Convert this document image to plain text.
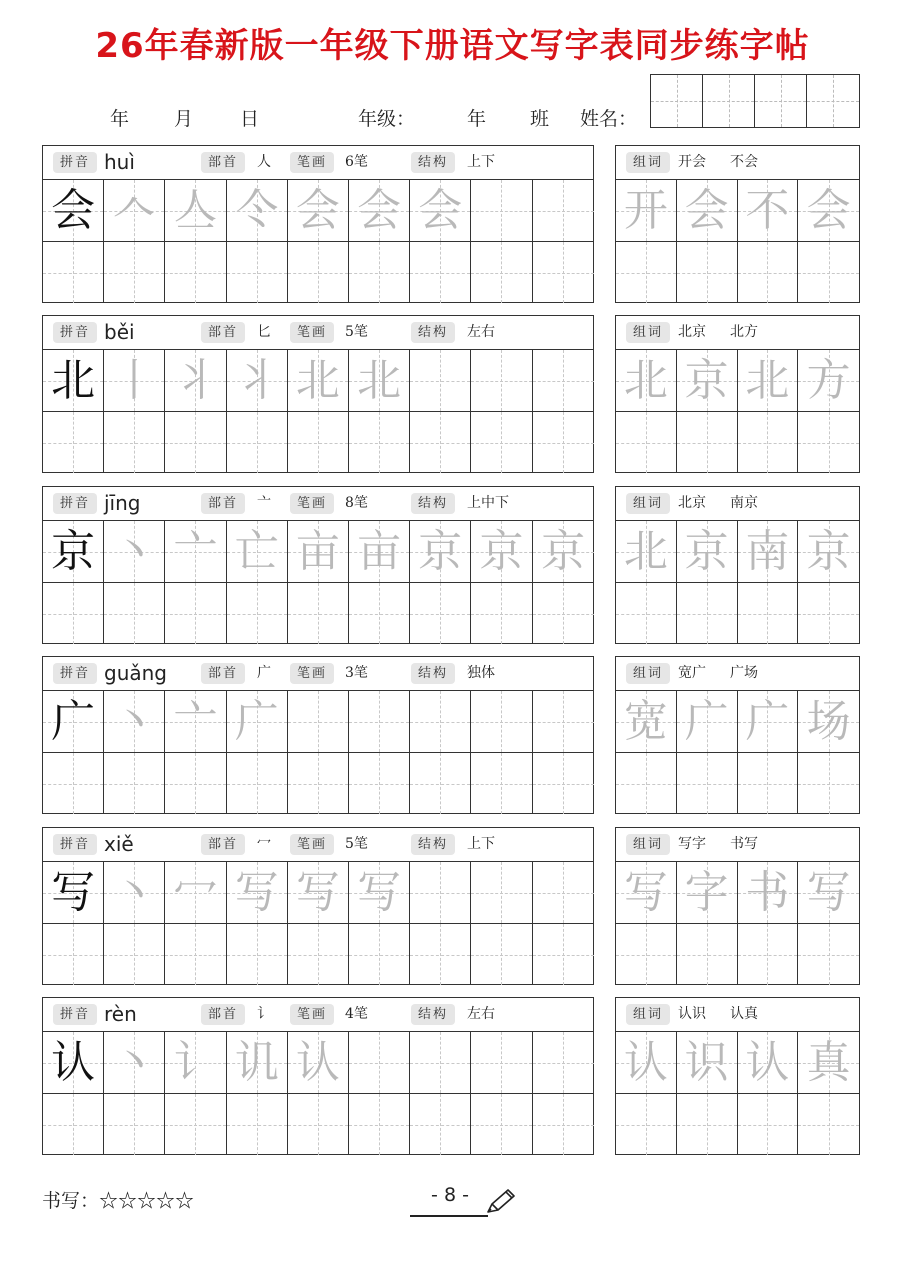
26年春新版一年级下册语文写字表同步练字帖
年 月 日	年级：	年 班 姓名：
拼音 huì	部首	人	笔画	6笔	结构	上下
会 𠆢 亼 仒 会 会 会
组词	开会 不会
开 会 不 会
拼音 běi	部首	匕	笔画	5笔	结构	左右
北 丨 丬 丬 北 北
组词	北京 北方
北 京 北 方
拼音 jīng	部首	亠	笔画	8笔	结构	上中下
京 丶 亠 亡 亩 亩 京 京 京
组词	北京 南京
北 京 南 京
拼音 guǎng	部首	广	笔画	3笔	结构	独体
广 丶 亠 广
组词	宽广 广场
宽 广 广 场
拼音 xiě	部首	冖	笔画	5笔	结构	上下
写 丶 冖 写 写 写
组词	写字 书写
写 字 书 写
拼音 rèn	部首	讠	笔画	4笔	结构	左右
认 丶 讠 讥 认
组词	认识 认真
认 识 认 真
书写：☆☆☆☆☆	- 8 -
